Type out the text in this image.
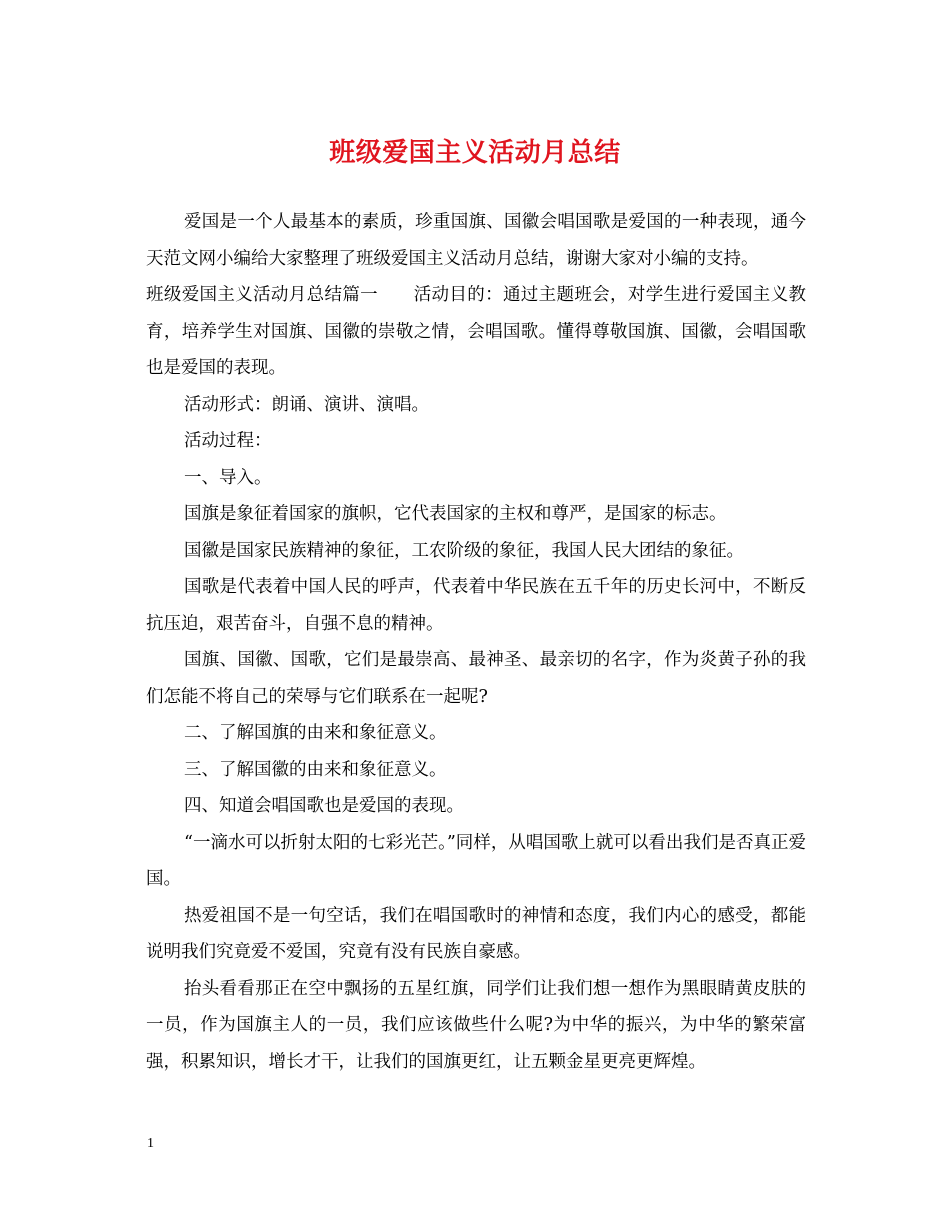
班级爱国主义活动月总结

爱国是一个人最基本的素质，珍重国旗、国徽会唱国歌是爱国的一种表现，通今天范文网小编给大家整理了班级爱国主义活动月总结，谢谢大家对小编的支持。

班级爱国主义活动月总结篇一　　活动目的：通过主题班会，对学生进行爱国主义教育，培养学生对国旗、国徽的崇敬之情，会唱国歌。懂得尊敬国旗、国徽，会唱国歌也是爱国的表现。

活动形式：朗诵、演讲、演唱。

活动过程：

一、导入。

国旗是象征着国家的旗帜，它代表国家的主权和尊严，是国家的标志。

国徽是国家民族精神的象征，工农阶级的象征，我国人民大团结的象征。

国歌是代表着中国人民的呼声，代表着中华民族在五千年的历史长河中，不断反抗压迫，艰苦奋斗，自强不息的精神。

国旗、国徽、国歌，它们是最崇高、最神圣、最亲切的名字，作为炎黄子孙的我们怎能不将自己的荣辱与它们联系在一起呢?

二、了解国旗的由来和象征意义。

三、了解国徽的由来和象征意义。

四、知道会唱国歌也是爱国的表现。

“一滴水可以折射太阳的七彩光芒。”同样，从唱国歌上就可以看出我们是否真正爱国。

热爱祖国不是一句空话，我们在唱国歌时的神情和态度，我们内心的感受，都能说明我们究竟爱不爱国，究竟有没有民族自豪感。

抬头看看那正在空中飘扬的五星红旗，同学们让我们想一想作为黑眼睛黄皮肤的一员，作为国旗主人的一员，我们应该做些什么呢?为中华的振兴，为中华的繁荣富强，积累知识，增长才干，让我们的国旗更红，让五颗金星更亮更辉煌。

1
